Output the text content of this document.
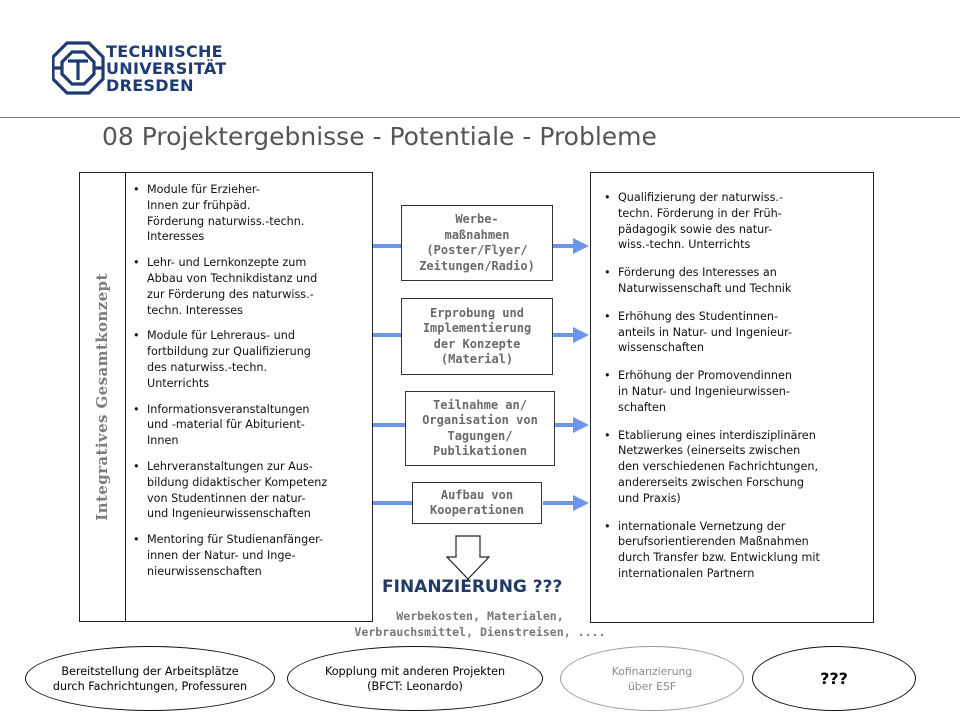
TECHNISCHE
UNIVERSITÄT
DRESDEN
08 Projektergebnisse - Potentiale - Probleme
Integratives Gesamtkonzept
• Module für Erzieher-
Innen zur frühpäd.
Förderung naturwiss.-techn.
Interesses
• Lehr- und Lernkonzepte zum
Abbau von Technikdistanz und
zur Förderung des naturwiss.-
techn. Interesses
• Module für Lehreraus- und
fortbildung zur Qualifizierung
des naturwiss.-techn.
Unterrichts
• Informationsveranstaltungen
und -material für Abiturient-
Innen
• Lehrveranstaltungen zur Aus-
bildung didaktischer Kompetenz
von Studentinnen der natur-
und Ingenieurwissenschaften
• Mentoring für Studienanfänger-
innen der Natur- und Inge-
nieurwissenschaften
Werbe-
maßnahmen
(Poster/Flyer/
Zeitungen/Radio)
Erprobung und
Implementierung
der Konzepte
(Material)
Teilnahme an/
Organisation von
Tagungen/
Publikationen
Aufbau von
Kooperationen
FINANZIERUNG ???
Werbekosten, Materialen,
Verbrauchsmittel, Dienstreisen, ....
• Qualifizierung der naturwiss.-
techn. Förderung in der Früh-
pädagogik sowie des natur-
wiss.-techn. Unterrichts
• Förderung des Interesses an
Naturwissenschaft und Technik
• Erhöhung des Studentinnen-
anteils in Natur- und Ingenieur-
wissenschaften
• Erhöhung der Promovendinnen
in Natur- und Ingenieurwissen-
schaften
• Etablierung eines interdisziplinären
Netzwerkes (einerseits zwischen
den verschiedenen Fachrichtungen,
andererseits zwischen Forschung
und Praxis)
• internationale Vernetzung der
berufsorientierenden Maßnahmen
durch Transfer bzw. Entwicklung mit
internationalen Partnern
Bereitstellung der Arbeitsplätze
durch Fachrichtungen, Professuren
Kopplung mit anderen Projekten
(BFCT: Leonardo)
Kofinanzierung
über ESF	???
